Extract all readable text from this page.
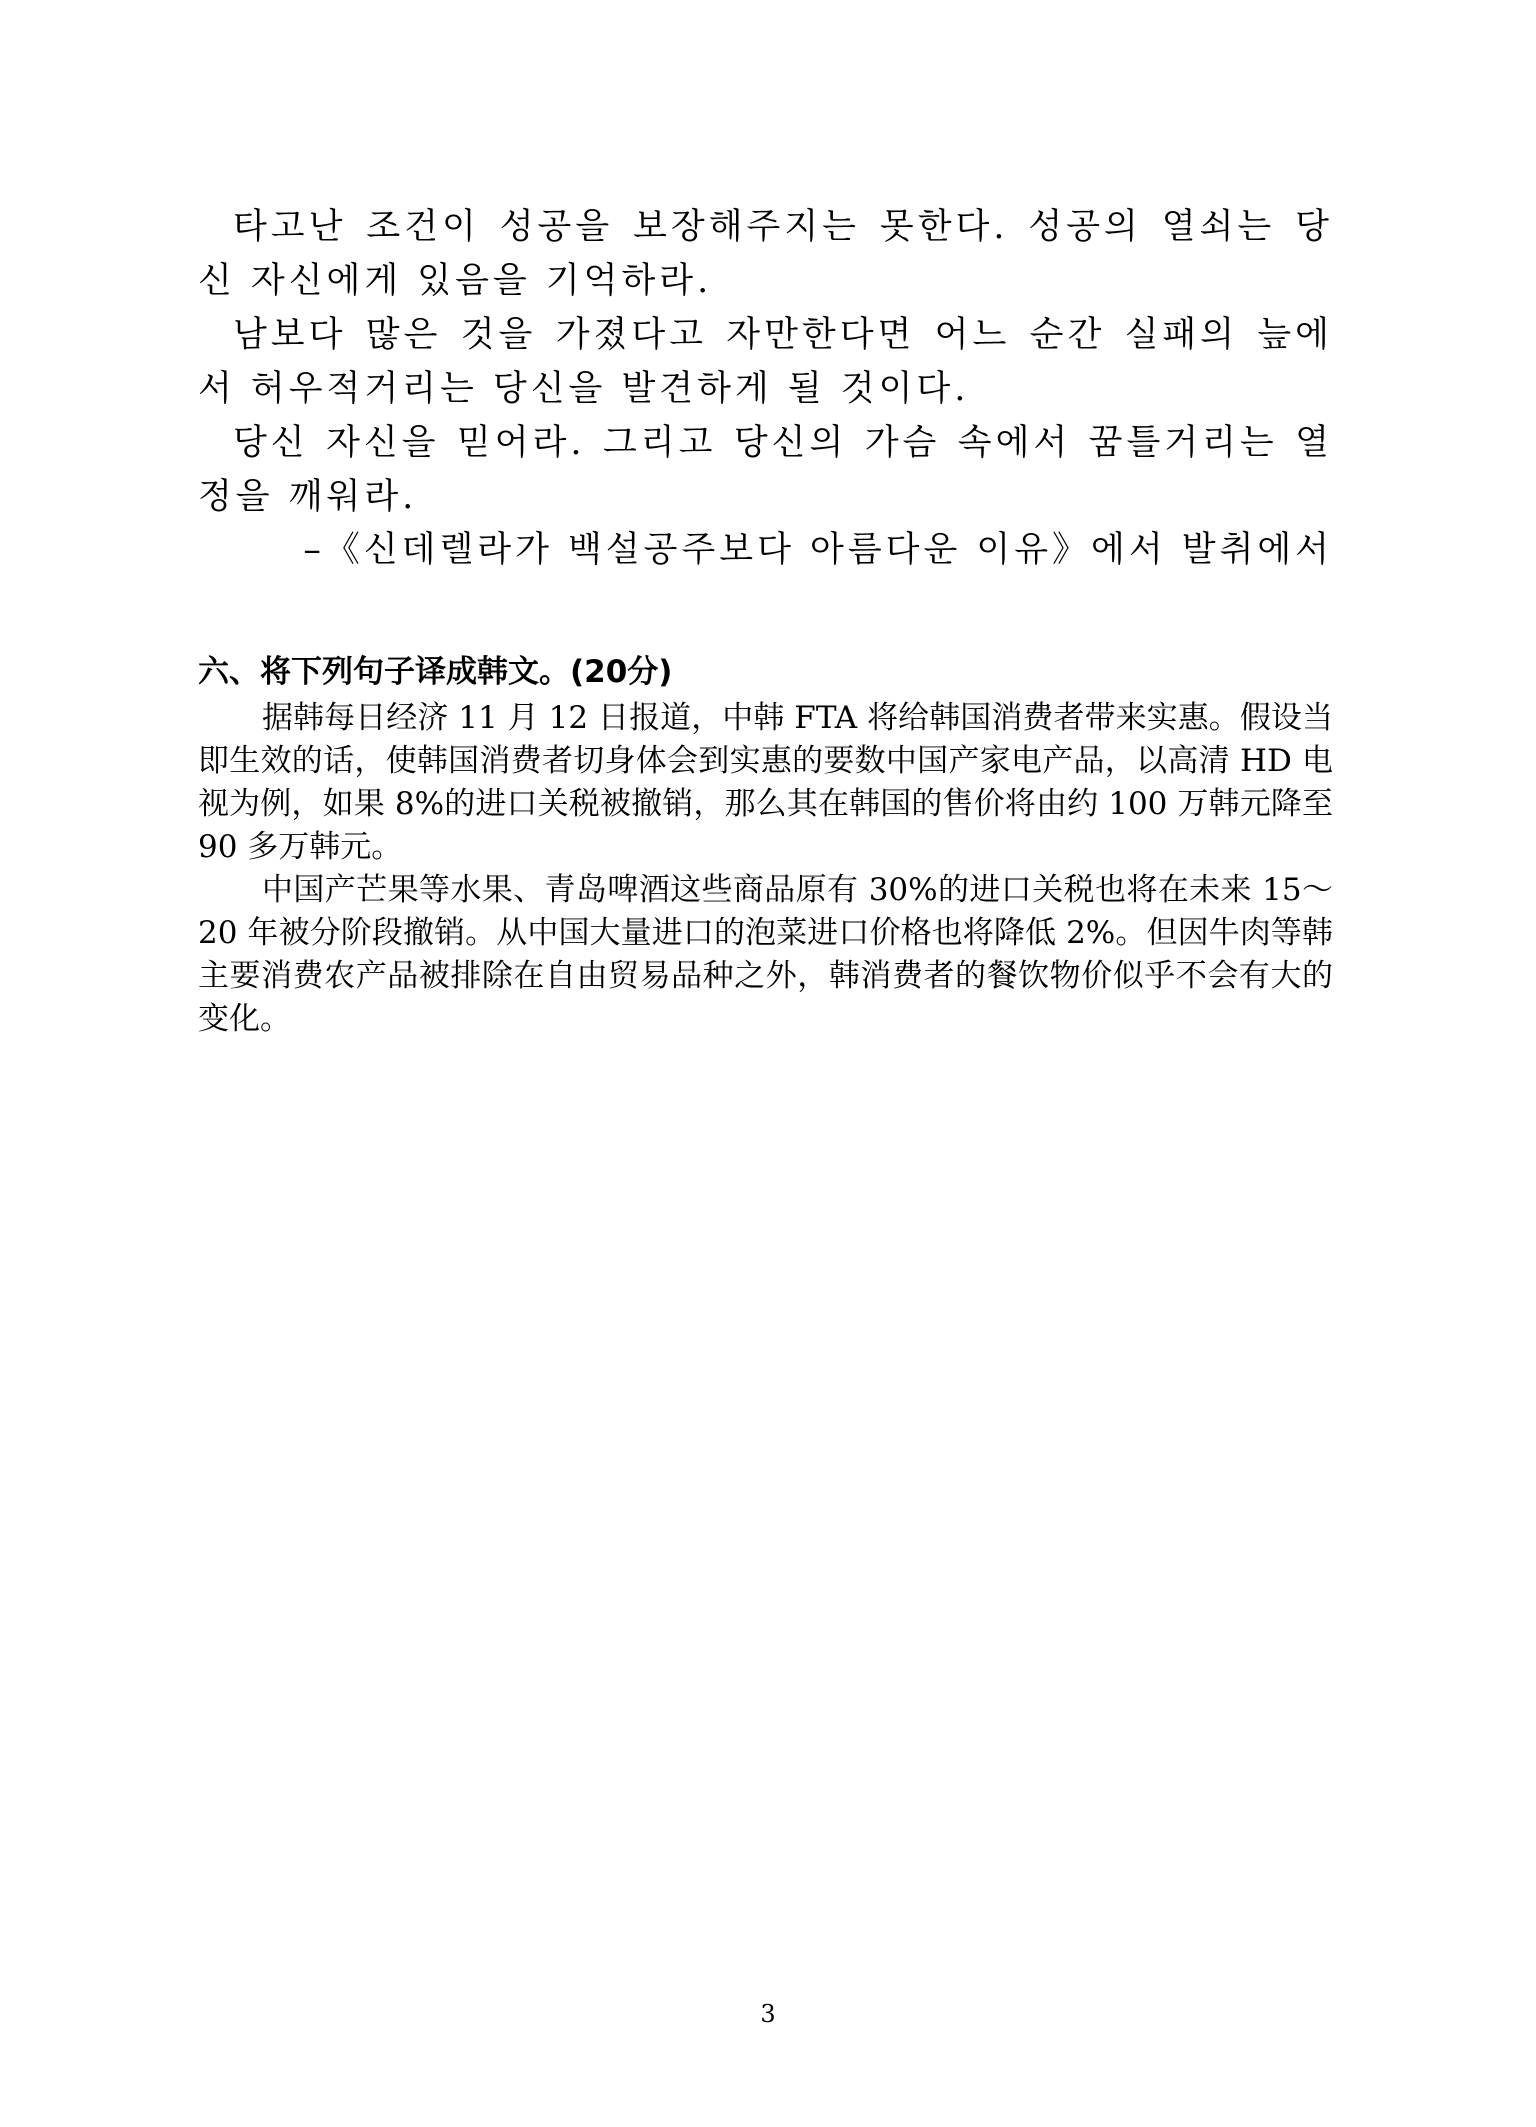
타고난 조건이 성공을 보장해주지는 못한다. 성공의 열쇠는 당신 자신에게 있음을 기억하라.

남보다 많은 것을 가졌다고 자만한다면 어느 순간 실패의 늪에서 허우적거리는 당신을 발견하게 될 것이다.

당신 자신을 믿어라. 그리고 당신의 가슴 속에서 꿈틀거리는 열정을 깨워라.

–《신데렐라가 백설공주보다 아름다운 이유》에서 발취에서
六、将下列句子译成韩文。(20分)

据韩每日经济 11 月 12 日报道，中韩 FTA 将给韩国消费者带来实惠。假设当即生效的话，使韩国消费者切身体会到实惠的要数中国产家电产品，以高清 HD 电视为例，如果 8%的进口关税被撤销，那么其在韩国的售价将由约 100 万韩元降至 90 多万韩元。

中国产芒果等水果、青岛啤酒这些商品原有 30%的进口关税也将在未来 15～20 年被分阶段撤销。从中国大量进口的泡菜进口价格也将降低 2%。但因牛肉等韩主要消费农产品被排除在自由贸易品种之外，韩消费者的餐饮物价似乎不会有大的变化。

3
